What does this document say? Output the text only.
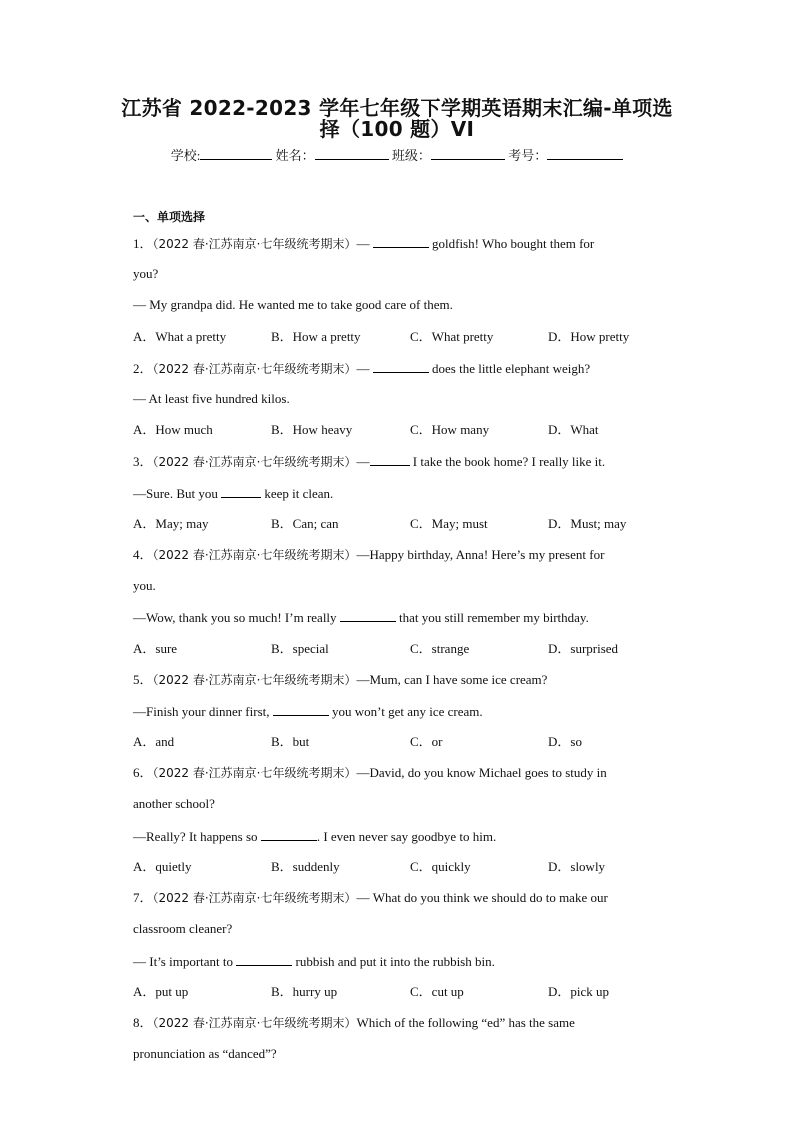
江苏省 2022-2023 学年七年级下学期英语期末汇编-单项选
择（100 题）VI
学校:	姓名：	班级：	考号：
一、单项选择
1．（2022 春·江苏南京·七年级统考期末）—	goldfish! Who bought them for
you?
— My grandpa did. He wanted me to take good care of them.
A．What a pretty	B．How a pretty	C．What pretty	D．How pretty
2．（2022 春·江苏南京·七年级统考期末）—	does the little elephant weigh?
— At least five hundred kilos.
A．How much	B．How heavy	C．How many	D．What
3．（2022 春·江苏南京·七年级统考期末）—	I take the book home? I really like it.
—Sure. But you	keep it clean.
A．May; may	B．Can; can	C．May; must	D．Must; may
4．（2022 春·江苏南京·七年级统考期末）—Happy birthday, Anna! Here’s my present for
you.
—Wow, thank you so much! I’m really	that you still remember my birthday.
A．sure	B．special	C．strange	D．surprised
5．（2022 春·江苏南京·七年级统考期末）—Mum, can I have some ice cream?
—Finish your dinner first,	you won’t get any ice cream.
A．and	B．but	C．or	D．so
6．（2022 春·江苏南京·七年级统考期末）—David, do you know Michael goes to study in
another school?
—Really? It happens so	. I even never say goodbye to him.
A．quietly	B．suddenly	C．quickly	D．slowly
7．（2022 春·江苏南京·七年级统考期末）— What do you think we should do to make our
classroom cleaner?
— It’s important to	rubbish and put it into the rubbish bin.
A．put up	B．hurry up	C．cut up	D．pick up
8．（2022 春·江苏南京·七年级统考期末）Which of the following “ed” has the same
pronunciation as “danced”?
